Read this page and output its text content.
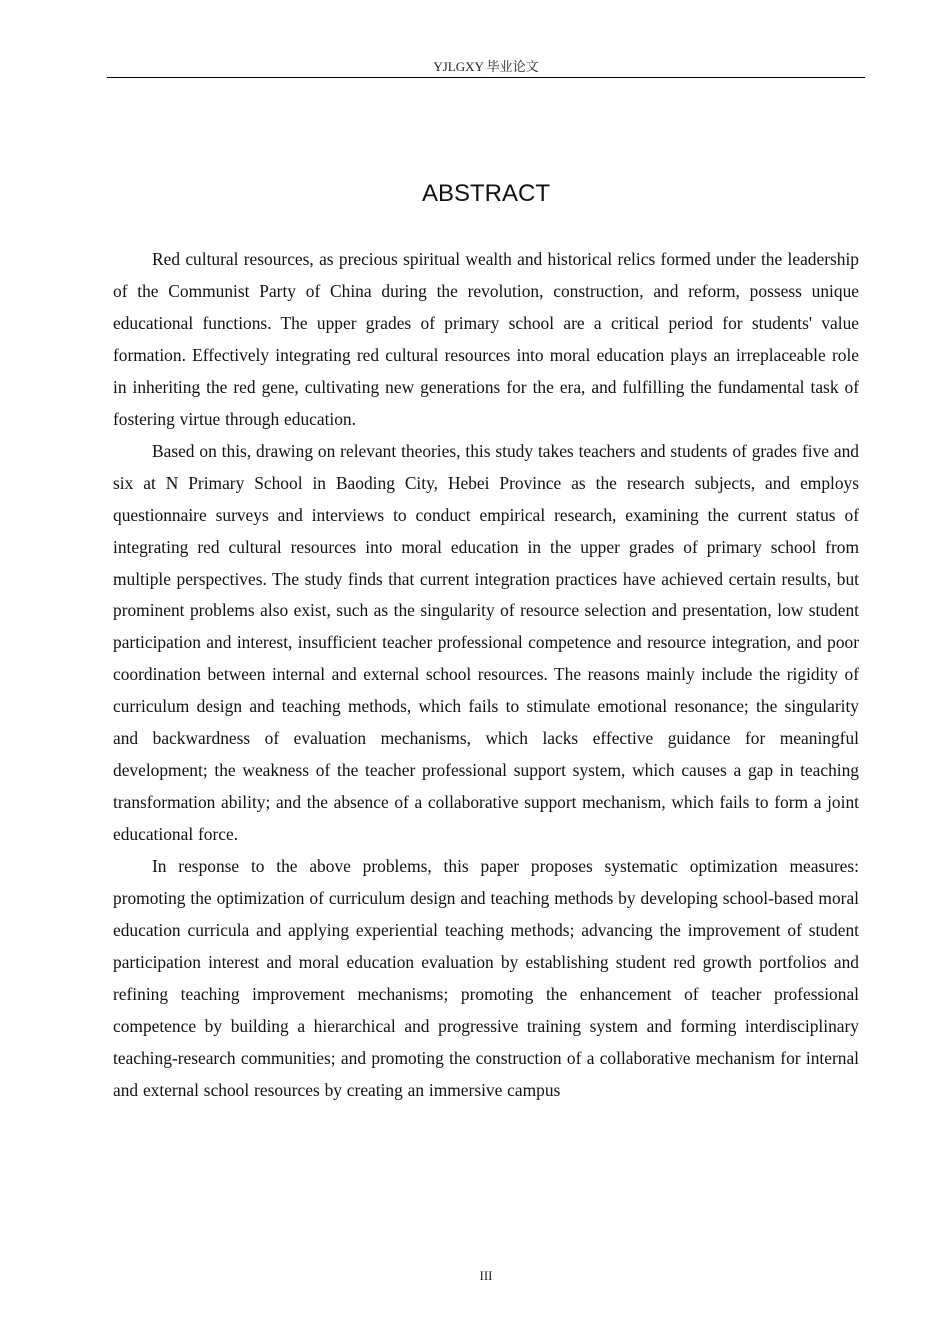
YJLGXY 毕业论文
ABSTRACT

Red cultural resources, as precious spiritual wealth and historical relics formed under the leadership of the Communist Party of China during the revolution, construction, and reform, possess unique educational functions. The upper grades of primary school are a critical period for students' value formation. Effectively integrating red cultural resources into moral education plays an irreplaceable role in inheriting the red gene, cultivating new generations for the era, and fulfilling the fundamental task of fostering virtue through education.

Based on this, drawing on relevant theories, this study takes teachers and students of grades five and six at N Primary School in Baoding City, Hebei Province as the research subjects, and employs questionnaire surveys and interviews to conduct empirical research, examining the current status of integrating red cultural resources into moral education in the upper grades of primary school from multiple perspectives. The study finds that current integration practices have achieved certain results, but prominent problems also exist, such as the singularity of resource selection and presentation, low student participation and interest, insufficient teacher professional competence and resource integration, and poor coordination between internal and external school resources. The reasons mainly include the rigidity of curriculum design and teaching methods, which fails to stimulate emotional resonance; the singularity and backwardness of evaluation mechanisms, which lacks effective guidance for meaningful development; the weakness of the teacher professional support system, which causes a gap in teaching transformation ability; and the absence of a collaborative support mechanism, which fails to form a joint educational force.

In response to the above problems, this paper proposes systematic optimization measures: promoting the optimization of curriculum design and teaching methods by developing school-based moral education curricula and applying experiential teaching methods; advancing the improvement of student participation interest and moral education evaluation by establishing student red growth portfolios and refining teaching improvement mechanisms; promoting the enhancement of teacher professional competence by building a hierarchical and progressive training system and forming interdisciplinary teaching-research communities; and promoting the construction of a collaborative mechanism for internal and external school resources by creating an immersive campus

III
